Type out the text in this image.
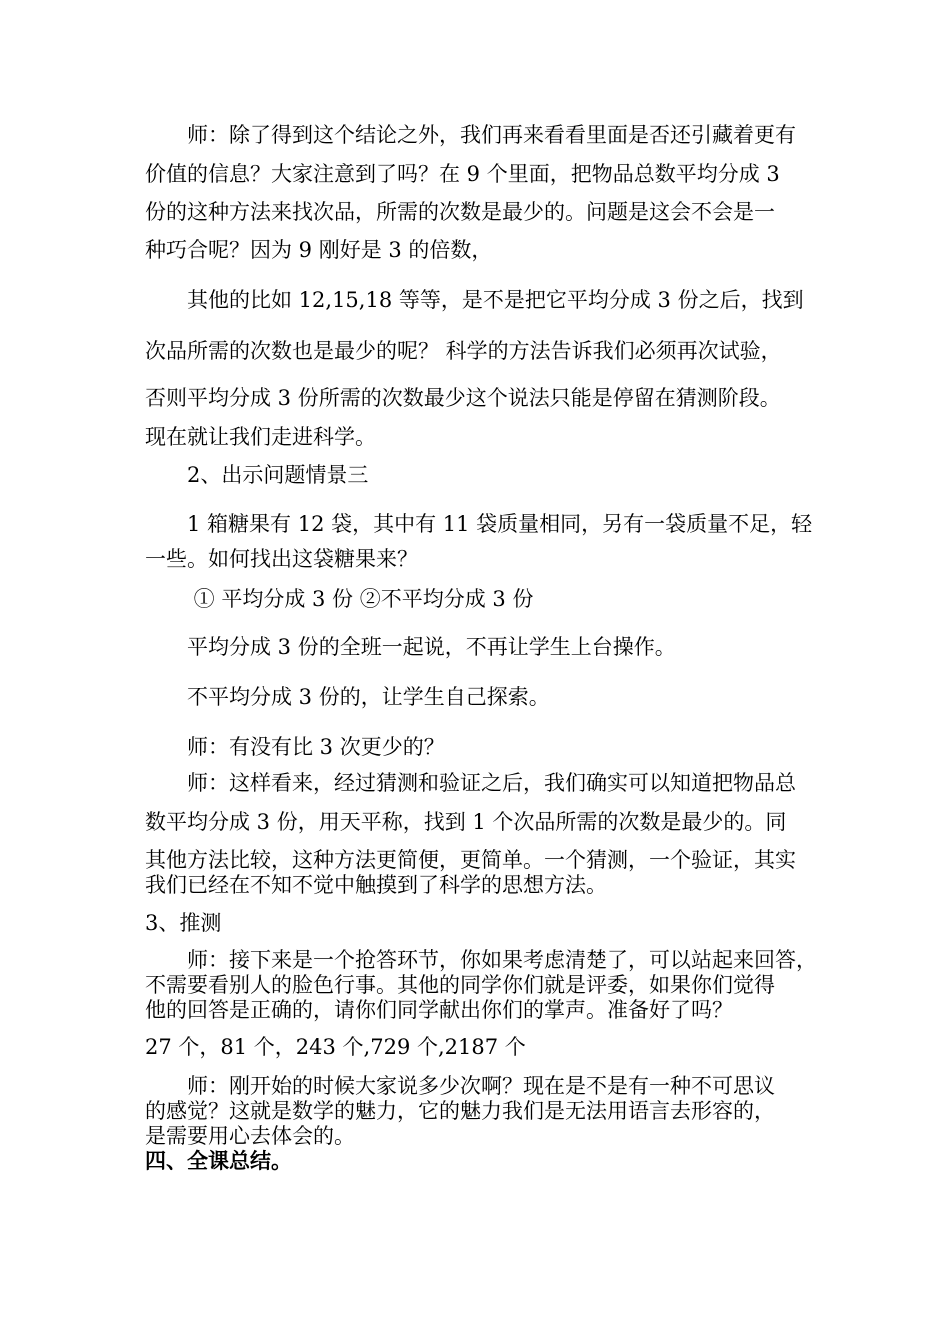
　　师：除了得到这个结论之外，我们再来看看里面是否还引藏着更有

价值的信息？大家注意到了吗？在 9 个里面，把物品总数平均分成 3

份的这种方法来找次品，所需的次数是最少的。问题是这会不会是一

种巧合呢？因为 9 刚好是 3 的倍数，

　　其他的比如 12,15,18 等等，是不是把它平均分成 3 份之后，找到

次品所需的次数也是最少的呢？ 科学的方法告诉我们必须再次试验，

否则平均分成 3 份所需的次数最少这个说法只能是停留在猜测阶段。

现在就让我们走进科学。

　　2、出示问题情景三

　　1 箱糖果有 12 袋，其中有 11 袋质量相同，另有一袋质量不足，轻

一些。如何找出这袋糖果来？

　　 ① 平均分成 3 份 ②不平均分成 3 份

　　平均分成 3 份的全班一起说，不再让学生上台操作。

　　不平均分成 3 份的，让学生自己探索。

　　师：有没有比 3 次更少的？

　　师：这样看来，经过猜测和验证之后，我们确实可以知道把物品总

数平均分成 3 份，用天平称，找到 1 个次品所需的次数是最少的。同

其他方法比较，这种方法更简便，更简单。一个猜测，一个验证，其实

我们已经在不知不觉中触摸到了科学的思想方法。

3、推测

　　师：接下来是一个抢答环节，你如果考虑清楚了，可以站起来回答，

不需要看别人的脸色行事。其他的同学你们就是评委，如果你们觉得

他的回答是正确的，请你们同学献出你们的掌声。准备好了吗？

27 个，81 个，243 个,729 个,2187 个

　　师：刚开始的时候大家说多少次啊？现在是不是有一种不可思议

的感觉？这就是数学的魅力，它的魅力我们是无法用语言去形容的，

是需要用心去体会的。

四、全课总结。
